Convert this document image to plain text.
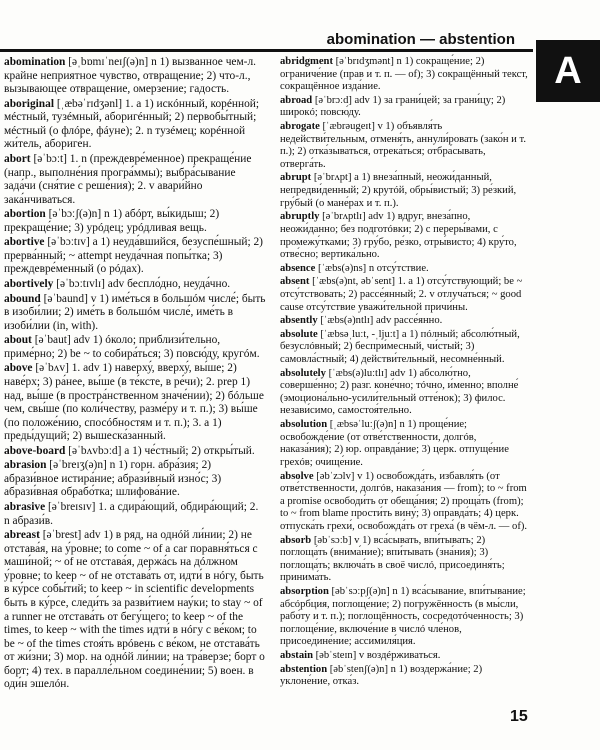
abomination — abstention
A

abomination [əˌbɒmɪˈneɪʃ(ə)n] n 1) вызванное чем-л. крайне неприятное чувство, отвращение; 2) что-л., вызывающее отвращение, омерзение; гадость.

aboriginal [ˌæbəˈrɪdʒənl] 1. a 1) искóнный, корéнной; мéстный, тузéмный, аборигéнный; 2) первобы́тный; мéстный (о флóре, фáуне); 2. n тузéмец; корéнной жи́тель, абориге́н.

abort [əˈbɔːt] 1. n (преждевре́менное) прекраще́ние (напр., выполне́ния програ́ммы); выбра́сывание зада́чи (сня́тие с реше́ния); 2. v авари́йно зака́нчиваться.

abortion [əˈbɔːʃ(ə)n] n 1) абóрт, вы́кидыш; 2) прекраще́ние; 3) урóдец; урóдливая вещь.

abortive [əˈbɔːtɪv] a 1) неуда́вшийся, безуспе́шный; 2) прерва́нный; ~ attempt неуда́чная попы́тка; 3) преждевре́менный (о рóдах).

abortively [əˈbɔːtɪvlɪ] adv беспло́дно, неуда́чно.

abound [əˈbaund] v 1) име́ться в большóм числе́; быть в изоби́лии; 2) име́ть в большóм числе́, име́ть в изоби́лии (in, with).

about [əˈbaut] adv 1) óколо; приблизи́тельно, приме́рно; 2) be ~ to собира́ться; 3) повсю́ду, кругóм.

above [əˈbʌv] 1. adv 1) наверху́, вверху́, вы́ше; 2) наве́рх; 3) ра́нее, вы́ше (в те́ксте, в ре́чи); 2. prep 1) над, вы́ше (в простра́нственном значе́нии); 2) бóльше чем, свы́ше (по коли́честву, разме́ру и т. п.); 3) вы́ше (по положе́нию, спосóбностям и т. п.); 3. a 1) преды́дущий; 2) вышеска́занный.

above-board [əˈbʌvbɔːd] a 1) че́стный; 2) откры́тый.

abrasion [əˈbreɪʒ(ə)n] n 1) горн. абра́зия; 2) абрази́вное истира́ние; абрази́вный изно́с; 3) абрази́вная обрабо́тка; шлифова́ние.

abrasive [əˈbreɪsɪv] 1. a сдира́ющий, обдира́ющий; 2. n абрази́в.

abreast [əˈbrest] adv 1) в ряд, на однóй ли́нии; 2) не отстава́я, на у́ровне; to come ~ of a car поравня́ться с маши́ной; ~ of не отстава́я, держа́сь на дóлжном у́ровне; to keep ~ of не отстава́ть от, идти́ в нóгу, быть в ку́рсе собы́тий; to keep ~ in scientific developments быть в ку́рсе, следи́ть за разви́тием нау́ки; to stay ~ of a runner не отстава́ть от бегу́щего; to keep ~ of the times, to keep ~ with the times идти́ в нóгу с ве́ком; to be ~ of the times стоя́ть врóвень с ве́ком, не отстава́ть от жи́зни; 3) мор. на однóй ли́нии; на тра́верзе; борт о борт; 4) тех. в паралле́льном соедине́нии; 5) воен. в оди́н эшелóн.

abridgment [əˈbrɪdʒmənt] n 1) сокраще́ние; 2) ограниче́ние (прав и т. п. — of); 3) сокращённый текст, сокращённое изда́ние.

abroad [əˈbrɔːd] adv 1) за грани́цей; за грани́цу; 2) широкó; повсю́ду.

abrogate [ˈæbrəugeɪt] v 1) объявля́ть недействи́тельным, отменя́ть, аннули́ровать (зако́н и т. п.); 2) отка́зываться, отрека́ться; отбра́сывать, отверга́ть.

abrupt [əˈbrʌpt] a 1) внеза́пный, неожи́данный, непредви́денный; 2) крутóй, обры́вистый; 3) ре́зкий, гру́бый (о мане́рах и т. п.).

abruptly [əˈbrʌptlɪ] adv 1) вдруг, внеза́пно, неожи́данно; без подготóвки; 2) с переры́вами, с промежу́тками; 3) гру́бо, ре́зко, отры́висто; 4) кру́то, отве́сно; вертика́льно.

absence [ˈæbs(ə)ns] n отсу́тствие.

absent [ˈæbs(ə)nt, əbˈsent] 1. a 1) отсу́тствующий; be ~ отсу́тствовать; 2) рассе́янный; 2. v отлуча́ться; ~ good cause отсу́тствие уважи́тельной причи́ны.

absently [ˈæbs(ə)ntlɪ] adv рассе́янно.

absolute [ˈæbsəˌluːt, -ˌljuːt] a 1) пóлный; абсолю́тный, безуслóвный; 2) беспри́месный, чи́стый; 3) самовла́стный; 4) действи́тельный, несомне́нный.

absolutely [ˈæbs(ə)luːtlɪ] adv 1) абсолю́тно, соверше́нно; 2) разг. коне́чно; тóчно, и́менно; вполне́ (эмоциона́льно-усили́тельный отте́нок); 3) филос. незави́симо, самостоя́тельно.

absolution [ˌæbsəˈluːʃ(ə)n] n 1) проще́ние; освобожде́ние (от отве́тственности, долгóв, наказа́ния); 2) юр. оправда́ние; 3) церк. отпуще́ние грехóв; очище́ние.

absolve [əbˈzɔlv] v 1) освобожда́ть, избавля́ть (от отве́тственности, долгóв, наказа́ния — from); to ~ from a promise освободи́ть от обеща́ния; 2) проща́ть (from); to ~ from blame прости́ть вину́; 3) оправда́ть; 4) церк. отпуска́ть грехи́, освобожда́ть от греха́ (в чём-л. — of).

absorb [əbˈsɔːb] v 1) вса́сывать, впи́тывать; 2) поглоща́ть (внима́ние); впи́тывать (зна́ния); 3) поглоща́ть; включа́ть в своё числó, присоединя́ть; принима́ть.

absorption [əbˈsɔːpʃ(ə)n] n 1) вса́сывание, впи́тывание; абсóрбция, поглоще́ние; 2) погружённость (в мы́сли, рабо́ту и т. п.); поглощённость, сосредотóченность; 3) поглоще́ние, включе́ние в числó чле́нов, присоедине́ние; ассимиля́ция.

abstain [əbˈsteɪn] v воздéрживаться.

abstention [əbˈstenʃ(ə)n] n 1) воздержа́ние; 2) уклоне́ние, отка́з.

15
